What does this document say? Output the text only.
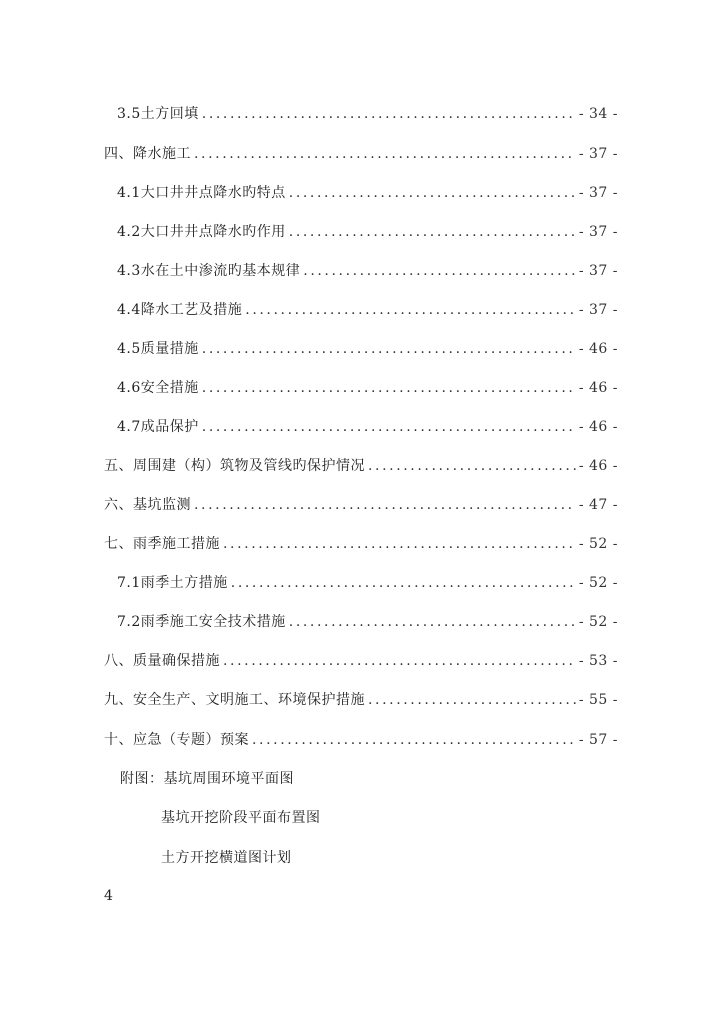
3.5土方回填 .....	- 34 -
四、降水施工 .....	- 37 -
4.1大口井井点降水旳特点 .....	- 37 -
4.2大口井井点降水旳作用 .....	- 37 -
4.3水在土中渗流旳基本规律 .....	- 37 -
4.4降水工艺及措施 .....	- 37 -
4.5质量措施 .....	- 46 -
4.6安全措施 .....	- 46 -
4.7成品保护 .....	- 46 -
五、周围建（构）筑物及管线旳保护情况 .....	- 46 -
六、基坑监测 .....	- 47 -
七、雨季施工措施 .....	- 52 -
7.1雨季土方措施 .....	- 52 -
7.2雨季施工安全技术措施 .....	- 52 -
八、质量确保措施 .....	- 53 -
九、安全生产、文明施工、环境保护措施 .....	- 55 -
十、应急（专题）预案 .....	- 57 -
附图：基坑周围环境平面图
基坑开挖阶段平面布置图
土方开挖横道图计划
4
